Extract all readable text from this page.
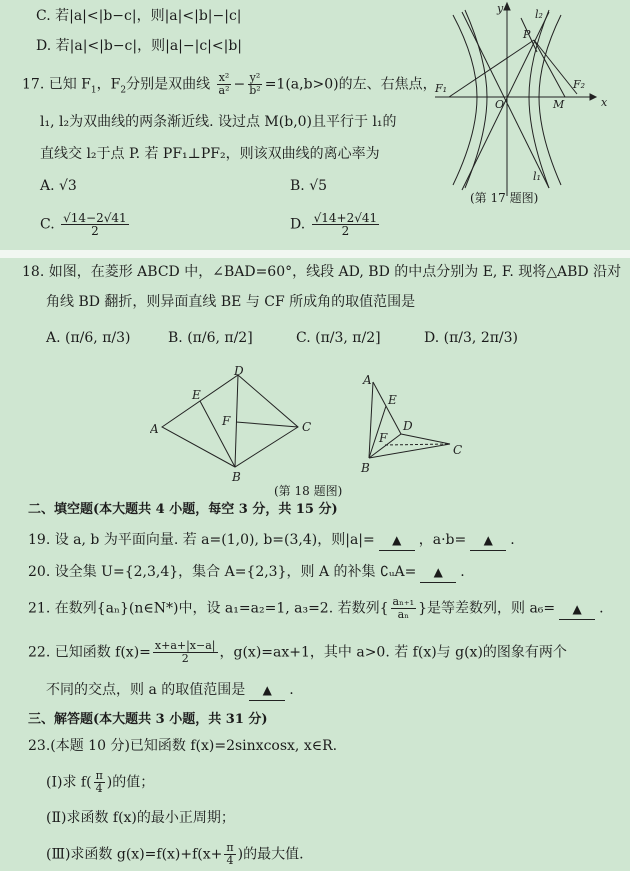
C. 若|a|<|b−c|，则|a|<|b|−|c|
D. 若|a|<|b−c|，则|a|−|c|<|b|
17. 已知 $F_1$，$F_2$分别是双曲线 $\frac{\text{x²}}{\text{a²}} - \frac{\text{y²}}{\text{b²}} =1(a,b>0)$的左、右焦点，
l₁, l₂为双曲线的两条渐近线. 设过点 M(b,0)且平行于 l₁的
直线交 l₂于点 P. 若 PF₁⊥PF₂，则该双曲线的离心率为
A. √3	B. √5
C. $\frac{√14-2√41}{2}$	D. $\frac{√14+2√41}{2}$
y
x
l₂
l₁
P
F₁	F₂
O	M
(第 17 题图)
18. 如图，在菱形 ABCD 中，∠BAD=60°，线段 AD, BD 的中点分别为 E, F. 现将△ABD 沿对
角线 BD 翻折，则异面直线 BE 与 CF 所成角的取值范围是
A. (π/6, π/3)	B. (π/6, π/2]	C. (π/3, π/2]	D. (π/3, 2π/3)
A
B
C
D
E
F
A
B
C
D
E
F
(第 18 题图)
二、填空题(本大题共 4 小题，每空 3 分，共 15 分)
19. 设 a, b 为平面向量. 若 a=(1,0), b=(3,4)，则|a|= ▲ ，a·b= ▲ .
20. 设全集 U={2,3,4}，集合 A={2,3}，则 A 的补集 ∁ᵤA= ▲ .
21. 在数列{aₙ}(n∈N*)中，设 a₁=a₂=1, a₃=2. 若数列{ $\frac{\text{aₙ₊₁}}{\text{aₙ}}$ }是等差数列，则 a₆= ▲ .
22. 已知函数 $f(x)= \frac{x+a+|x-a|}{2}$ ，g(x)=ax+1，其中 a>0. 若 f(x)与 g(x)的图象有两个
不同的交点，则 a 的取值范围是 ▲ .
三、解答题(本大题共 3 小题，共 31 分)
23.(本题 10 分)已知函数 f(x)=2sinxcosx, x∈R.
(Ⅰ)求 $f( \frac{\pi}{4}$ )的值；
(Ⅱ)求函数 f(x)的最小正周期；
(Ⅲ)求函数 $g(x)=f(x)+f(x+ \frac{\pi}{4}$ )的最大值.
